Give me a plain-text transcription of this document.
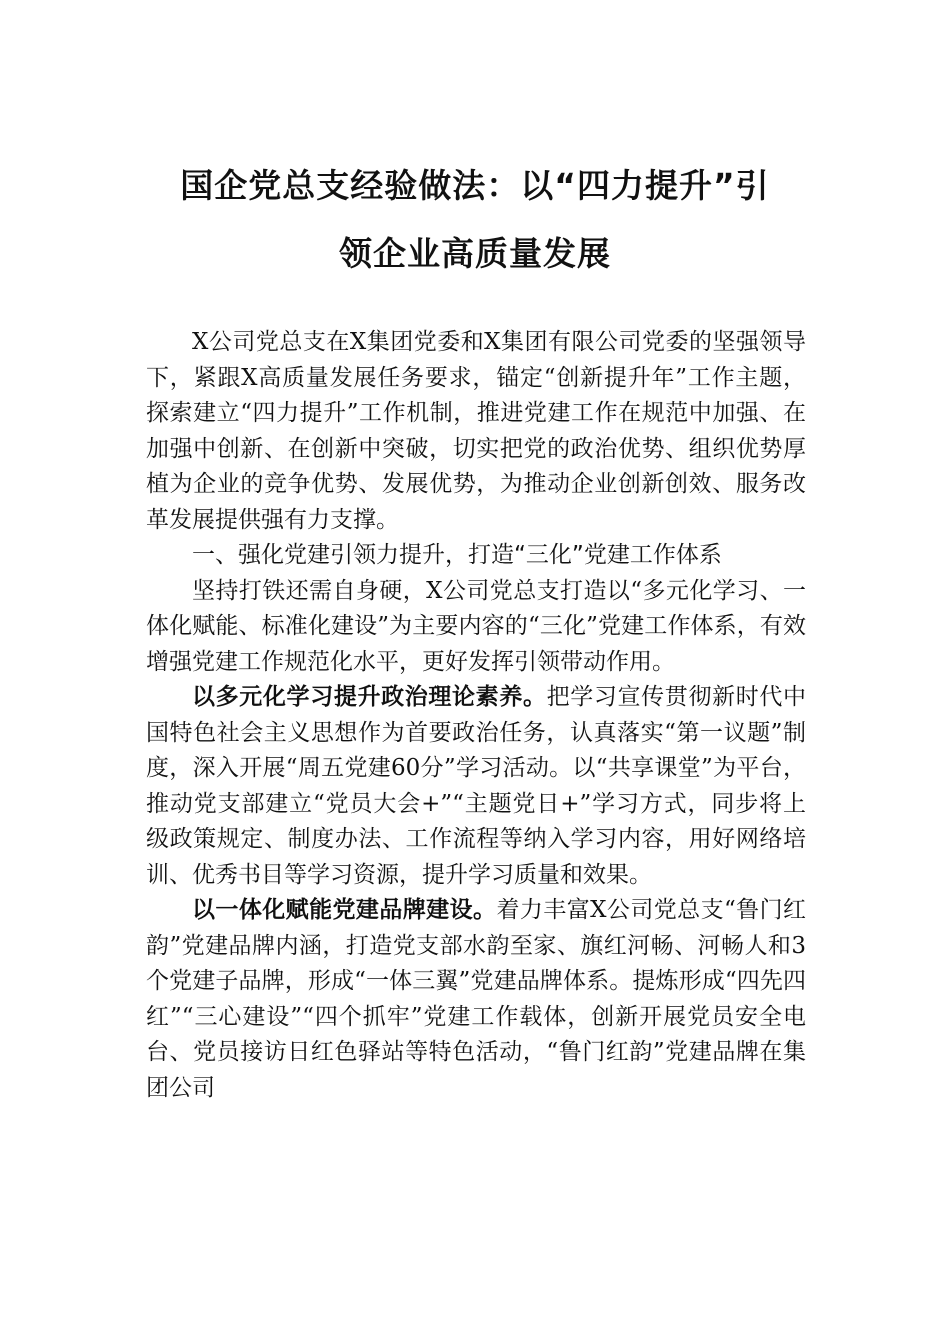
国企党总支经验做法：以“四力提升”引
领企业高质量发展

X公司党总支在X集团党委和X集团有限公司党委的坚强领导下，紧跟X高质量发展任务要求，锚定“创新提升年”工作主题，探索建立“四力提升”工作机制，推进党建工作在规范中加强、在加强中创新、在创新中突破，切实把党的政治优势、组织优势厚植为企业的竞争优势、发展优势，为推动企业创新创效、服务改革发展提供强有力支撑。

一、强化党建引领力提升，打造“三化”党建工作体系

坚持打铁还需自身硬，X公司党总支打造以“多元化学习、一体化赋能、标准化建设”为主要内容的“三化”党建工作体系，有效增强党建工作规范化水平，更好发挥引领带动作用。

以多元化学习提升政治理论素养。把学习宣传贯彻新时代中国特色社会主义思想作为首要政治任务，认真落实“第一议题”制度，深入开展“周五党建60分”学习活动。以“共享课堂”为平台，推动党支部建立“党员大会+”“主题党日+”学习方式，同步将上级政策规定、制度办法、工作流程等纳入学习内容，用好网络培训、优秀书目等学习资源，提升学习质量和效果。

以一体化赋能党建品牌建设。着力丰富X公司党总支“鲁门红韵”党建品牌内涵，打造党支部水韵至家、旗红河畅、河畅人和3个党建子品牌，形成“一体三翼”党建品牌体系。提炼形成“四先四红”“三心建设”“四个抓牢”党建工作载体，创新开展党员安全电台、党员接访日红色驿站等特色活动，“鲁门红韵”党建品牌在集团公司
